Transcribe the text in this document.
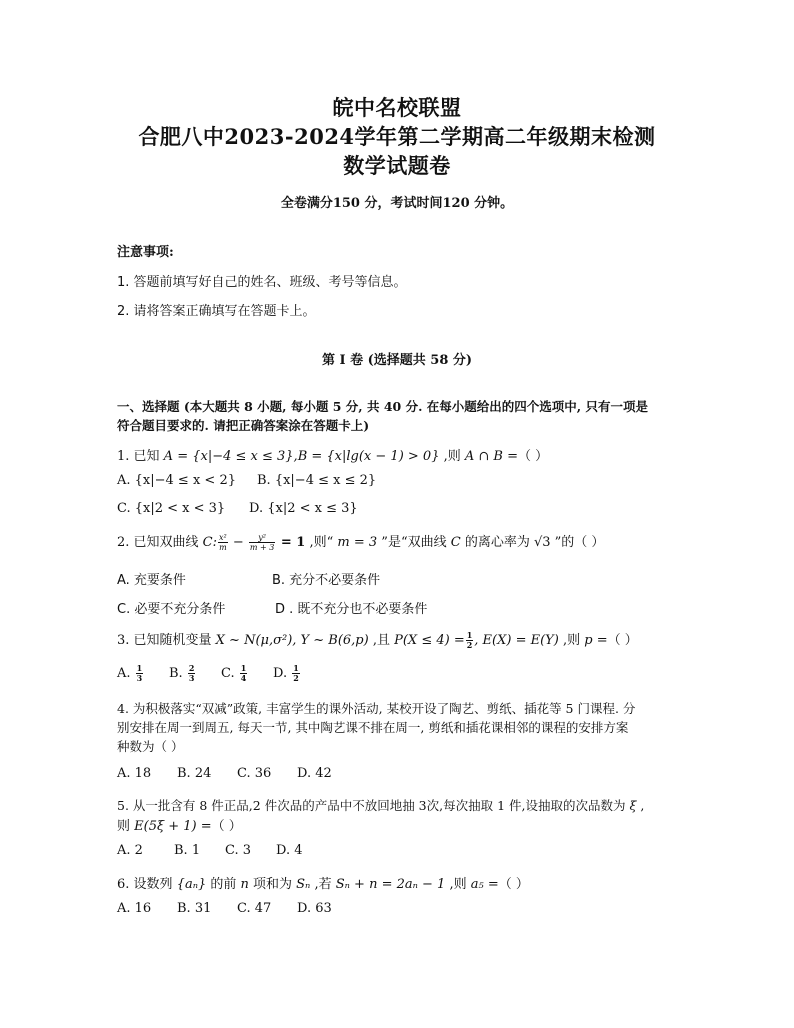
皖中名校联盟
合肥八中2023-2024学年第二学期高二年级期末检测
数学试题卷
全卷满分150 分，考试时间120 分钟。
注意事项:
1. 答题前填写好自己的姓名、班级、考号等信息。
2. 请将答案正确填写在答题卡上。
第 I 卷 (选择题共 58 分)
一、选择题 (本大题共 8 小题, 每小题 5 分, 共 40 分. 在每小题给出的四个选项中, 只有一项是
符合题目要求的. 请把正确答案涂在答题卡上)
1. 已知 A = {x|−4 ≤ x ≤ 3},B = {x|lg(x − 1) > 0} ,则 A ∩ B =（ ）
A. {x|−4 ≤ x < 2} B. {x|−4 ≤ x ≤ 2}
C. {x|2 < x < 3} D. {x|2 < x ≤ 3}
2. 已知双曲线 C: $\frac{\text{x²}}{m} - \frac{\text{y²}}{m + 3} = 1$ ,则“ m = 3 ”是“双曲线 C 的离心率为 √3 ”的（ ）
A. 充要条件	B. 充分不必要条件
C. 必要不充分条件	D . 既不充分也不必要条件
3. 已知随机变量 X ~ N(μ,σ²), Y ~ B(6,p) ,且 $P(X \le 4) = \frac{1}{2}$ , E(X) = E(Y) ,则 p =（ ）
A. $\frac{1}{3} B$. $\frac{2}{3} C$. $\frac{1}{4} D$. $\frac{1}{2}$
4. 为积极落实“双减”政策, 丰富学生的课外活动, 某校开设了陶艺、剪纸、插花等 5 门课程. 分
别安排在周一到周五, 每天一节, 其中陶艺课不排在周一, 剪纸和插花课相邻的课程的安排方案
种数为（ ）
A. 18 B. 24 C. 36 D. 42
5. 从一批含有 8 件正品,2 件次品的产品中不放回地抽 3次,每次抽取 1 件,设抽取的次品数为 ξ ,
则 E(5ξ + 1) =（ ）
A. 2 B. 1 C. 3 D. 4
6. 设数列 {aₙ} 的前 n 项和为 Sₙ ,若 Sₙ + n = 2aₙ − 1 ,则 a₅ =（ ）
A. 16 B. 31 C. 47 D. 63
